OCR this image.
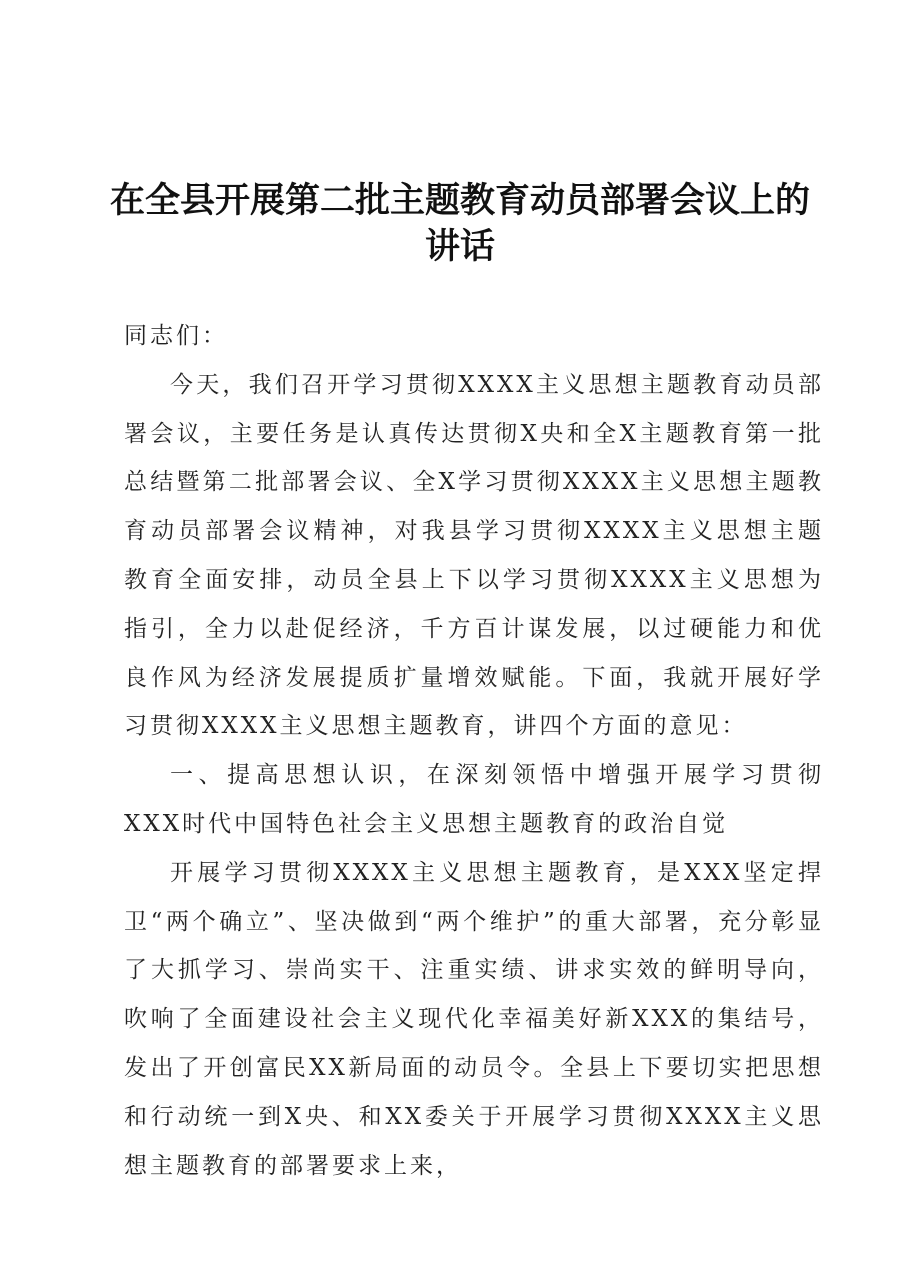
在全县开展第二批主题教育动员部署会议上的讲话

同志们：

今天，我们召开学习贯彻XXXX主义思想主题教育动员部署会议，主要任务是认真传达贯彻X央和全X主题教育第一批总结暨第二批部署会议、全X学习贯彻XXXX主义思想主题教育动员部署会议精神，对我县学习贯彻XXXX主义思想主题教育全面安排，动员全县上下以学习贯彻XXXX主义思想为指引，全力以赴促经济，千方百计谋发展，以过硬能力和优良作风为经济发展提质扩量增效赋能。下面，我就开展好学习贯彻XXXX主义思想主题教育，讲四个方面的意见：

一、提高思想认识，在深刻领悟中增强开展学习贯彻XXX时代中国特色社会主义思想主题教育的政治自觉

开展学习贯彻XXXX主义思想主题教育，是XXX坚定捍卫“两个确立”、坚决做到“两个维护”的重大部署，充分彰显了大抓学习、崇尚实干、注重实绩、讲求实效的鲜明导向，吹响了全面建设社会主义现代化幸福美好新XXX的集结号，发出了开创富民XX新局面的动员令。全县上下要切实把思想和行动统一到X央、和XX委关于开展学习贯彻XXXX主义思想主题教育的部署要求上来，
